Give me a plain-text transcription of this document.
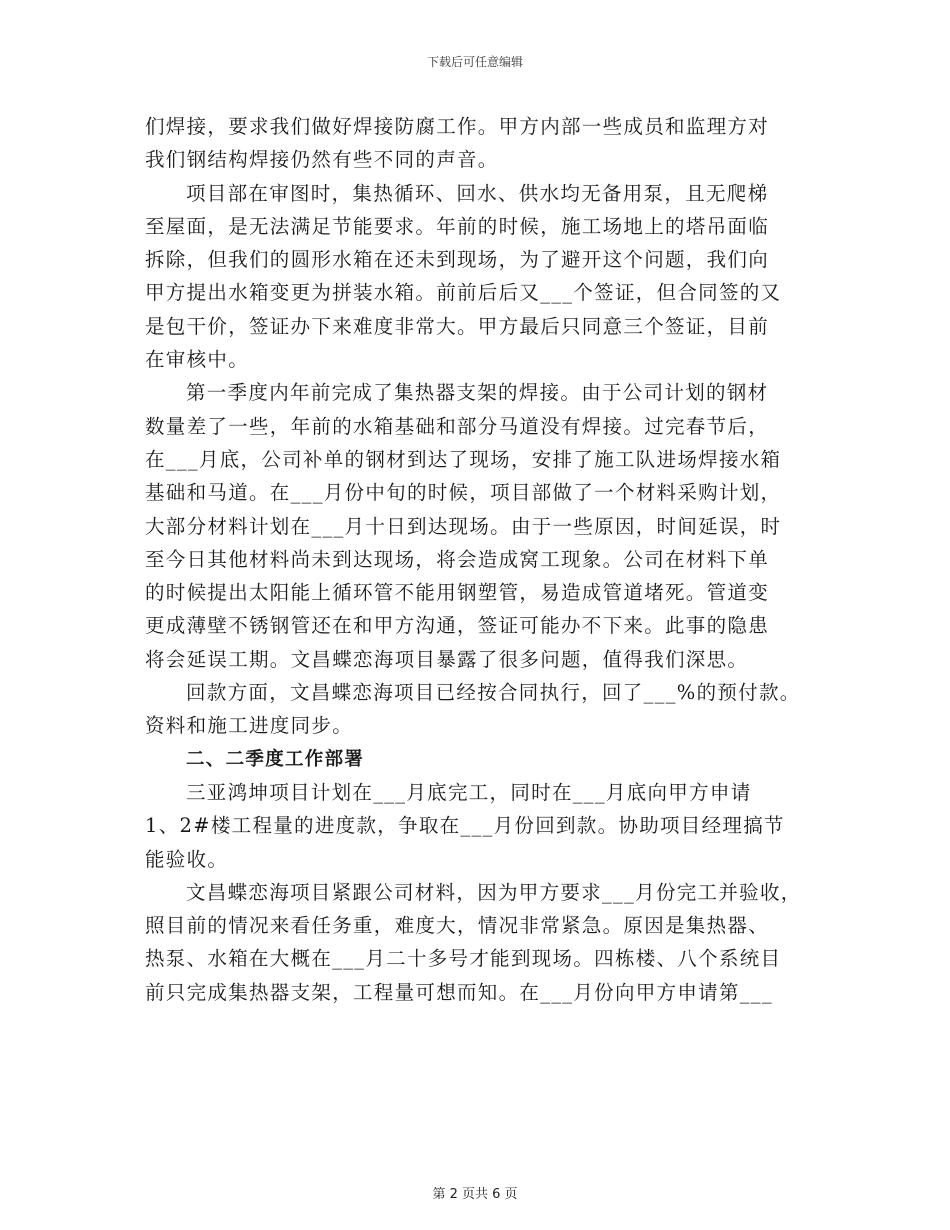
下载后可任意编辑
们焊接，要求我们做好焊接防腐工作。甲方内部一些成员和监理方对
我们钢结构焊接仍然有些不同的声音。
项目部在审图时，集热循环、回水、供水均无备用泵，且无爬梯
至屋面，是无法满足节能要求。年前的时候，施工场地上的塔吊面临
拆除，但我们的圆形水箱在还未到现场，为了避开这个问题，我们向
甲方提出水箱变更为拼装水箱。前前后后又___个签证，但合同签的又
是包干价，签证办下来难度非常大。甲方最后只同意三个签证，目前
在审核中。
第一季度内年前完成了集热器支架的焊接。由于公司计划的钢材
数量差了一些，年前的水箱基础和部分马道没有焊接。过完春节后，
在___月底，公司补单的钢材到达了现场，安排了施工队进场焊接水箱
基础和马道。在___月份中旬的时候，项目部做了一个材料采购计划，
大部分材料计划在___月十日到达现场。由于一些原因，时间延误，时
至今日其他材料尚未到达现场，将会造成窝工现象。公司在材料下单
的时候提出太阳能上循环管不能用钢塑管，易造成管道堵死。管道变
更成薄壁不锈钢管还在和甲方沟通，签证可能办不下来。此事的隐患
将会延误工期。文昌蝶恋海项目暴露了很多问题，值得我们深思。
回款方面，文昌蝶恋海项目已经按合同执行，回了___%的预付款。
资料和施工进度同步。
二、二季度工作部署
三亚鸿坤项目计划在___月底完工，同时在___月底向甲方申请
1、2#楼工程量的进度款，争取在___月份回到款。协助项目经理搞节
能验收。
文昌蝶恋海项目紧跟公司材料，因为甲方要求___月份完工并验收，
照目前的情况来看任务重，难度大，情况非常紧急。原因是集热器、
热泵、水箱在大概在___月二十多号才能到现场。四栋楼、八个系统目
前只完成集热器支架，工程量可想而知。在___月份向甲方申请第___
第 2 页共 6 页
